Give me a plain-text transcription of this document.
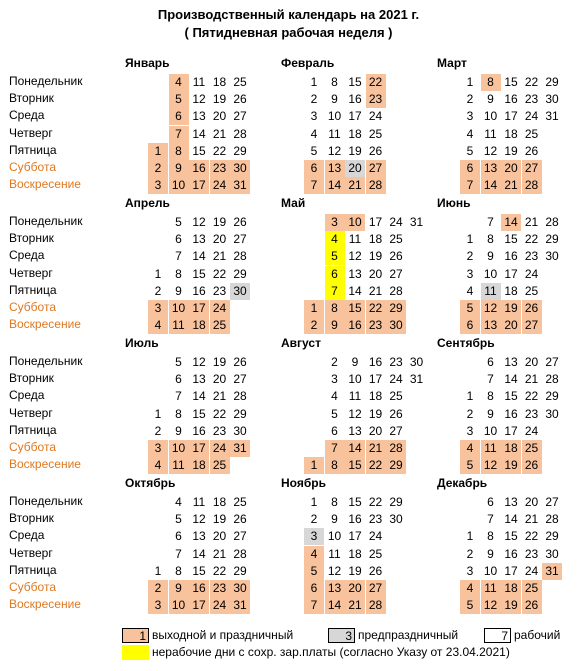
Производственный календарь на 2021 г.
( Пятидневная рабочая неделя )
Понедельник
Вторник
Среда
Четверг
Пятница
Суббота
Воскресение
Понедельник
Вторник
Среда
Четверг
Пятница
Суббота
Воскресение
Понедельник
Вторник
Среда
Четверг
Пятница
Суббота
Воскресение
Понедельник
Вторник
Среда
Четверг
Пятница
Суббота
Воскресение
Январь
1
2
3
4
5
6
7
8
9
10
11
12
13
14
15
16
17
18
19
20
21
22
23
24
25
26
27
28
29
30
31
Февраль
1
2
3
4
5
6
7
8
9
10
11
12
13
14
15
16
17
18
19
20
21
22
23
24
25
26
27
28
Март
1
2
3
4
5
6
7
8
9
10
11
12
13
14
15
16
17
18
19
20
21
22
23
24
25
26
27
28
29
30
31
Апрель
1
2
3
4
5
6
7
8
9
10
11
12
13
14
15
16
17
18
19
20
21
22
23
24
25
26
27
28
29
30
Май
1
2
3
4
5
6
7
8
9
10
11
12
13
14
15
16
17
18
19
20
21
22
23
24
25
26
27
28
29
30
31
Июнь
1
2
3
4
5
6
7
8
9
10
11
12
13
14
15
16
17
18
19
20
21
22
23
24
25
26
27
28
29
30
Июль
1
2
3
4
5
6
7
8
9
10
11
12
13
14
15
16
17
18
19
20
21
22
23
24
25
26
27
28
29
30
31
Август
1
2
3
4
5
6
7
8
9
10
11
12
13
14
15
16
17
18
19
20
21
22
23
24
25
26
27
28
29
30
31
Сентябрь
1
2
3
4
5
6
7
8
9
10
11
12
13
14
15
16
17
18
19
20
21
22
23
24
25
26
27
28
29
30
Октябрь
1
2
3
4
5
6
7
8
9
10
11
12
13
14
15
16
17
18
19
20
21
22
23
24
25
26
27
28
29
30
31
Ноябрь
1
2
3
4
5
6
7
8
9
10
11
12
13
14
15
16
17
18
19
20
21
22
23
24
25
26
27
28
29
30
Декабрь
1
2
3
4
5
6
7
8
9
10
11
12
13
14
15
16
17
18
19
20
21
22
23
24
25
26
27
28
29
30
31
1 выходной и праздничный	3 предпраздничный	7 рабочий
нерабочие дни с сохр. зар.платы (согласно Указу от 23.04.2021)
